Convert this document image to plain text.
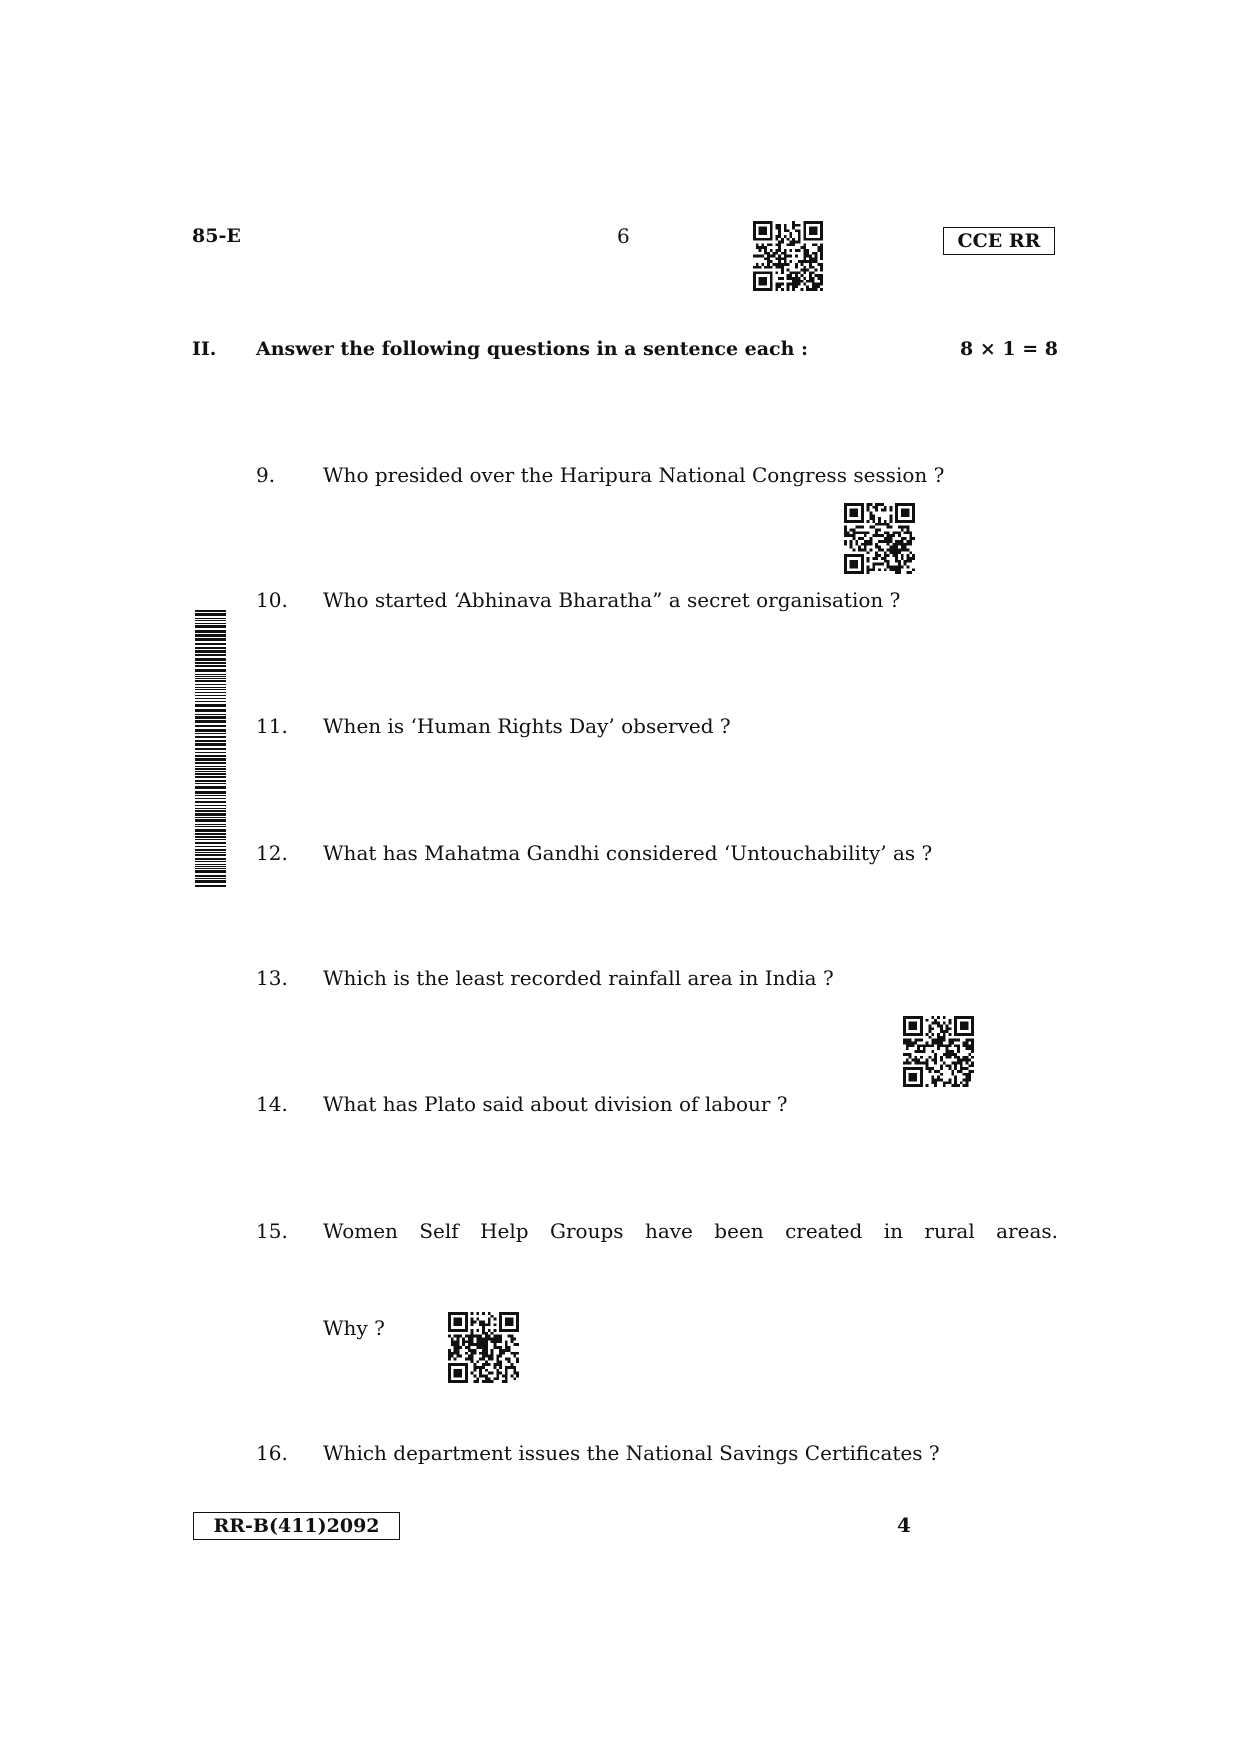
85-E	6	CCE RR
II. Answer the following questions in a sentence each :	8 × 1 = 8
9. Who presided over the Haripura National Congress session ?
10. Who started ‘Abhinava Bharatha” a secret organisation ?
11. When is ‘Human Rights Day’ observed ?
12. What has Mahatma Gandhi considered ‘Untouchability’ as ?
13. Which is the least recorded rainfall area in India ?
14. What has Plato said about division of labour ?
15. Women Self Help Groups have been created in rural areas.
Why ?
16. Which department issues the National Savings Certificates ?
RR-B(411)2092	4
